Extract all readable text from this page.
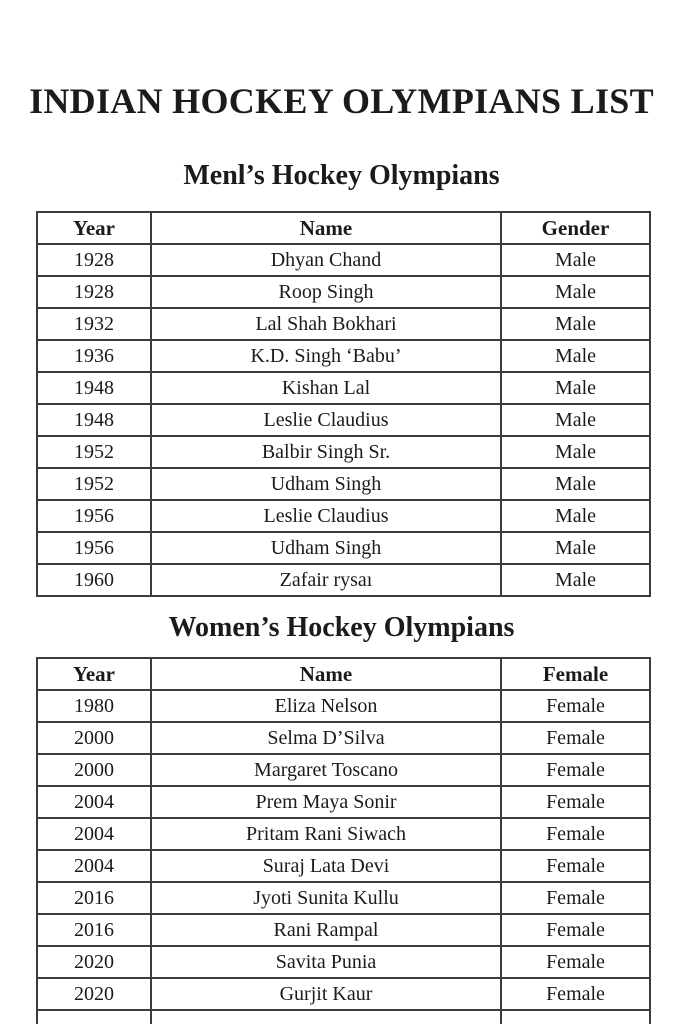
INDIAN HOCKEY OLYMPIANS LIST
Menl’s Hockey Olympians
Year	Name	Gender
1928	Dhyan Chand	Male
1928	Roop Singh	Male
1932	Lal Shah Bokhari	Male
1936	K.D. Singh ‘Babu’	Male
1948	Kishan Lal	Male
1948	Leslie Claudius	Male
1952	Balbir Singh Sr.	Male
1952	Udham Singh	Male
1956	Leslie Claudius	Male
1956	Udham Singh	Male
1960	Zafair rysaı	Male
Women’s Hockey Olympians
Year	Name	Female
1980	Eliza Nelson	Female
2000	Selma D’Silva	Female
2000	Margaret Toscano	Female
2004	Prem Maya Sonir	Female
2004	Pritam Rani Siwach	Female
2004	Suraj Lata Devi	Female
2016	Jyoti Sunita Kullu	Female
2016	Rani Rampal	Female
2020	Savita Punia	Female
2020	Gurjit Kaur	Female
